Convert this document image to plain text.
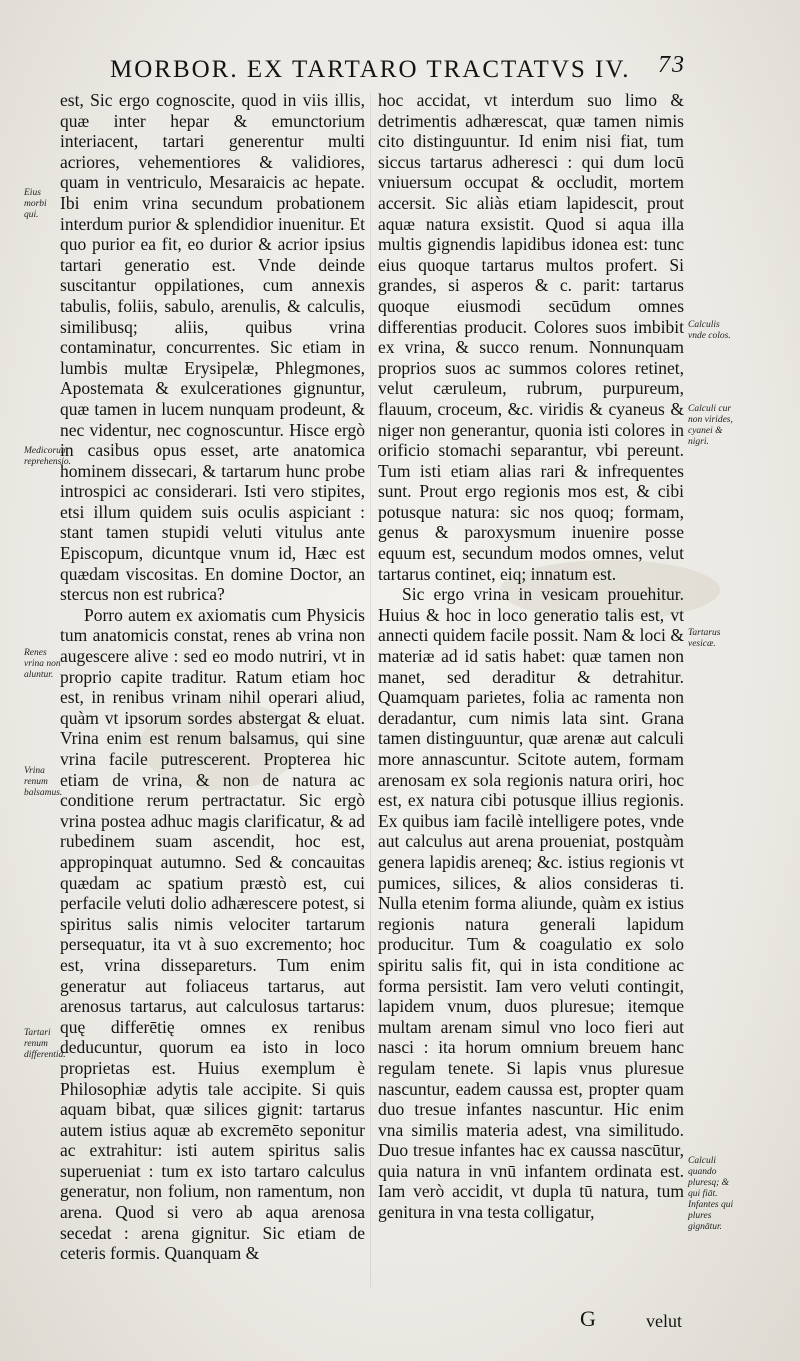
MORBOR. EX TARTARO TRACTATVS IV. 73

est, Sic ergo cognoscite, quod in viis illis, quæ inter hepar & emunctorium interiacent, tartari generentur multi acriores, vehementiores & validiores, quam in ventriculo, Mesaraicis ac hepate. Ibi enim vrina secundum probationem interdum purior & splendidior inuenitur. Et quo purior ea fit, eo durior & acrior ipsius tartari generatio est. Vnde deinde suscitantur oppilationes, cum annexis tabulis, foliis, sabulo, arenulis, & calculis, similibusq; aliis, quibus vrina contaminatur, concurrentes. Sic etiam in lumbis multæ Erysipelæ, Phlegmones, Apostemata & exulcerationes gignuntur, quæ tamen in lucem nunquam prodeunt, & nec videntur, nec cognoscuntur. Hisce ergò in casibus opus esset, arte anatomica hominem dissecari, & tartarum hunc probe introspici ac considerari. Isti vero stipites, etsi illum quidem suis oculis aspiciant : stant tamen stupidi veluti vitulus ante Episcopum, dicuntque vnum id, Hæc est quædam viscositas. En domine Doctor, an stercus non est rubrica?

Porro autem ex axiomatis cum Physicis tum anatomicis constat, renes ab vrina non augescere alive : sed eo modo nutriri, vt in proprio capite traditur. Ratum etiam hoc est, in renibus vrinam nihil operari aliud, quàm vt ipsorum sordes abstergat & eluat. Vrina enim est renum balsamus, qui sine vrina facile putrescerent. Propterea hic etiam de vrina, & non de natura ac conditione rerum pertractatur. Sic ergò vrina postea adhuc magis clarificatur, & ad rubedinem suam ascendit, hoc est, appropinquat autumno. Sed & concauitas quædam ac spatium præstò est, cui perfacile veluti dolio adhærescere potest, si spiritus salis nimis velociter tartarum persequatur, ita vt à suo excremento; hoc est, vrina dissepareturs. Tum enim generatur aut foliaceus tartarus, aut arenosus tartarus, aut calculosus tartarus: quę differētię omnes ex renibus deducuntur, quorum ea isto in loco proprietas est. Huius exemplum è Philosophiæ adytis tale accipite. Si quis aquam bibat, quæ silices gignit: tartarus autem istius aquæ ab excremēto seponitur ac extrahitur: isti autem spiritus salis superueniat : tum ex isto tartaro calculus generatur, non folium, non ramentum, non arena. Quod si vero ab aqua arenosa secedat : arena gignitur. Sic etiam de ceteris formis. Quanquam &

hoc accidat, vt interdum suo limo & detrimentis adhærescat, quæ tamen nimis cito distinguuntur. Id enim nisi fiat, tum siccus tartarus adheresci : qui dum locū vniuersum occupat & occludit, mortem accersit. Sic aliàs etiam lapidescit, prout aquæ natura exsistit. Quod si aqua illa multis gignendis lapidibus idonea est: tunc eius quoque tartarus multos profert. Si grandes, si asperos & c. parit: tartarus quoque eiusmodi secūdum omnes differentias producit. Colores suos imbibit ex vrina, & succo renum. Nonnunquam proprios suos ac summos colores retinet, velut cæruleum, rubrum, purpureum, flauum, croceum, &c. viridis & cyaneus & niger non generantur, quonia isti colores in orificio stomachi separantur, vbi pereunt. Tum isti etiam alias rari & infrequentes sunt. Prout ergo regionis mos est, & cibi potusque natura: sic nos quoq; formam, genus & paroxysmum inuenire posse equum est, secundum modos omnes, velut tartarus continet, eiq; innatum est.

Sic ergo vrina in vesicam prouehitur. Huius & hoc in loco generatio talis est, vt annecti quidem facile possit. Nam & loci & materiæ ad id satis habet: quæ tamen non manet, sed deraditur & detrahitur. Quamquam parietes, folia ac ramenta non deradantur, cum nimis lata sint. Grana tamen distinguuntur, quæ arenæ aut calculi more annascuntur. Scitote autem, formam arenosam ex sola regionis natura oriri, hoc est, ex natura cibi potusque illius regionis. Ex quibus iam facilè intelligere potes, vnde aut calculus aut arena proueniat, postquàm genera lapidis areneq; &c. istius regionis vt pumices, silices, & alios consideras ti. Nulla etenim forma aliunde, quàm ex istius regionis natura generali lapidum producitur. Tum & coagulatio ex solo spiritu salis fit, qui in ista conditione ac forma persistit. Iam vero veluti contingit, lapidem vnum, duos pluresue; itemque multam arenam simul vno loco fieri aut nasci : ita horum omnium breuem hanc regulam tenete. Si lapis vnus pluresue nascuntur, eadem caussa est, propter quam duo tresue infantes nascuntur. Hic enim vna similis materia adest, vna similitudo. Duo tresue infantes hac ex caussa nascūtur, quia natura in vnū infantem ordinata est. Iam verò accidit, vt dupla tū natura, tum genitura in vna testa colligatur,

Eius morbi qui.
Medicorum reprehensio.
Renes vrina non aluntur.
Vrina renum balsamus.
Tartari renum differentia.
Calculis vnde colos.
Calculi cur non virides, cyanei & nigri.
Tartarus vesicæ.
Calculi quando pluresq; & qui fiāt. Infantes qui plures gignātur.
G	velut
